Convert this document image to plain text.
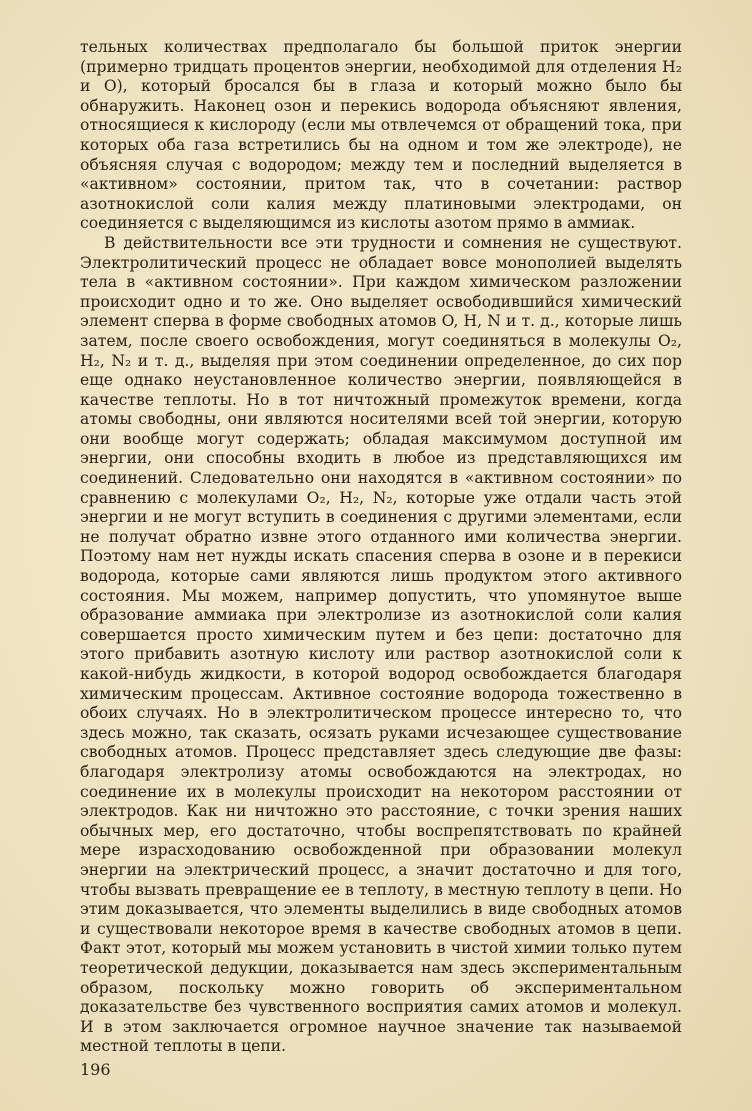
тельных количествах предполагало бы большой приток энергии (примерно тридцать процентов энергии, необходимой для отделения H₂ и O), который бросался бы в глаза и который можно было бы обнаружить. Наконец озон и перекись водорода объясняют явления, относящиеся к кислороду (если мы отвлечемся от обращений тока, при которых оба газа встретились бы на одном и том же электроде), не объясняя случая с водородом; между тем и последний выделяется в «активном» состоянии, притом так, что в сочетании: раствор азотнокислой соли калия между платиновыми электродами, он соединяется с выделяющимся из кислоты азотом прямо в аммиак.

В действительности все эти трудности и сомнения не существуют. Электролитический процесс не обладает вовсе монополией выделять тела в «активном состоянии». При каждом химическом разложении происходит одно и то же. Оно выделяет освободившийся химический элемент сперва в форме свободных атомов O, H, N и т. д., которые лишь затем, после своего освобождения, могут соединяться в молекулы O₂, H₂, N₂ и т. д., выделяя при этом соединении определенное, до сих пор еще однако неустановленное количество энергии, появляющейся в качестве теплоты. Но в тот ничтожный промежуток времени, когда атомы свободны, они являются носителями всей той энергии, которую они вообще могут содержать; обладая максимумом доступной им энергии, они способны входить в любое из представляющихся им соединений. Следовательно они находятся в «активном состоянии» по сравнению с молекулами O₂, H₂, N₂, которые уже отдали часть этой энергии и не могут вступить в соединения с другими элементами, если не получат обратно извне этого отданного ими количества энергии. Поэтому нам нет нужды искать спасения сперва в озоне и в перекиси водорода, которые сами являются лишь продуктом этого активного состояния. Мы можем, например допустить, что упомянутое выше образование аммиака при электролизе из азотнокислой соли калия совершается просто химическим путем и без цепи: достаточно для этого прибавить азотную кислоту или раствор азотнокислой соли к какой-нибудь жидкости, в которой водород освобождается благодаря химическим процессам. Активное состояние водорода тожественно в обоих случаях. Но в электролитическом процессе интересно то, что здесь можно, так сказать, осязать руками исчезающее существование свободных атомов. Процесс представляет здесь следующие две фазы: благодаря электролизу атомы освобождаются на электродах, но соединение их в молекулы происходит на некотором расстоянии от электродов. Как ни ничтожно это расстояние, с точки зрения наших обычных мер, его достаточно, чтобы воспрепятствовать по крайней мере израсходованию освобожденной при образовании молекул энергии на электрический процесс, а значит достаточно и для того, чтобы вызвать превращение ее в теплоту, в местную теплоту в цепи. Но этим доказывается, что элементы выделились в виде свободных атомов и существовали некоторое время в качестве свободных атомов в цепи. Факт этот, который мы можем установить в чистой химии только путем теоретической дедукции, доказывается нам здесь экспериментальным образом, поскольку можно говорить об экспериментальном доказательстве без чувственного восприятия самих атомов и молекул. И в этом заключается огромное научное значение так называемой местной теплоты в цепи.

196
